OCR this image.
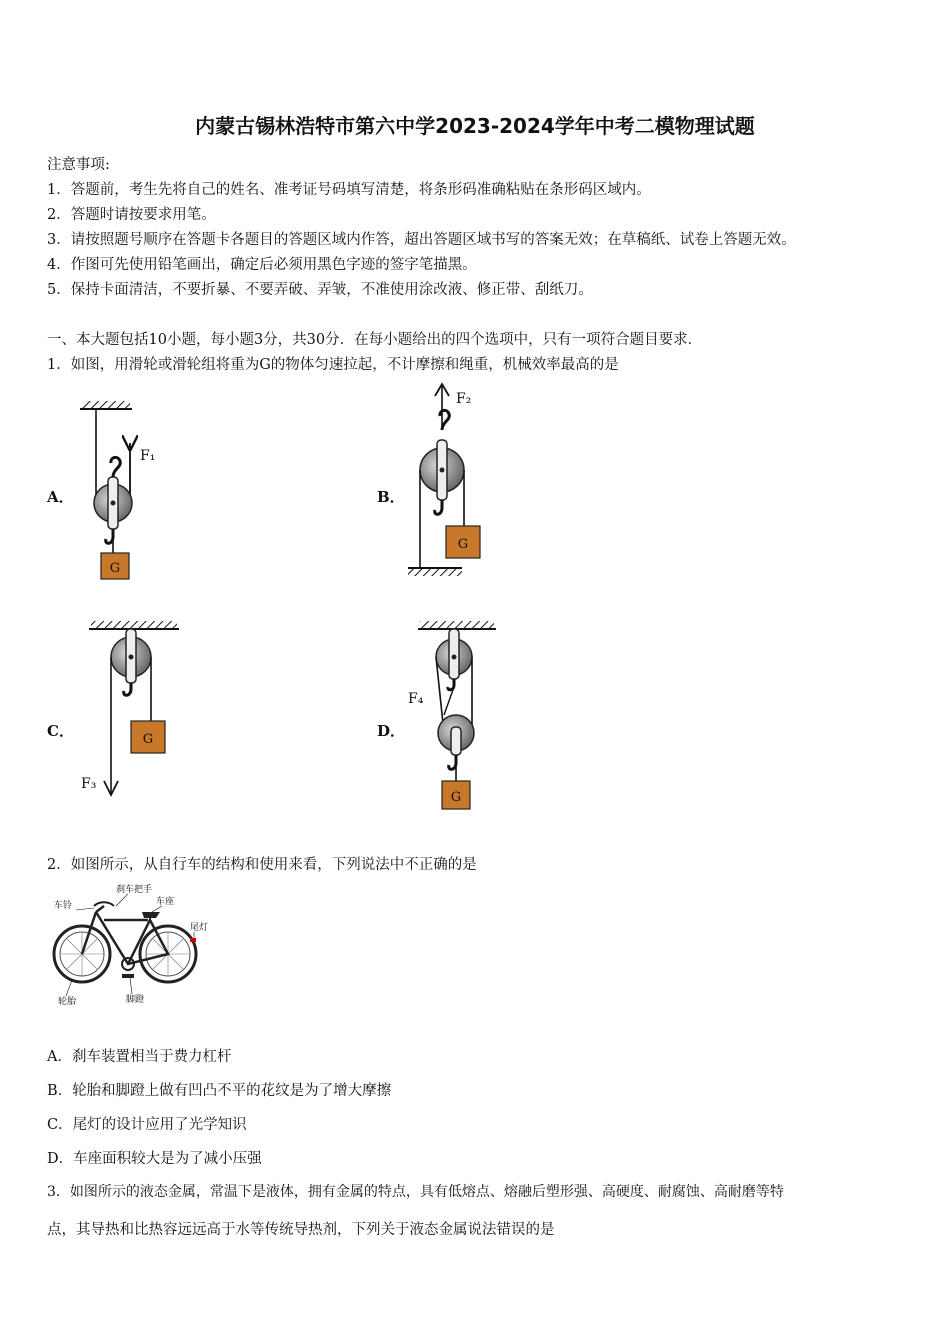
内蒙古锡林浩特市第六中学2023-2024学年中考二模物理试题
注意事项:
1．答题前，考生先将自己的姓名、准考证号码填写清楚，将条形码准确粘贴在条形码区域内。
2．答题时请按要求用笔。
3．请按照题号顺序在答题卡各题目的答题区域内作答，超出答题区域书写的答案无效；在草稿纸、试卷上答题无效。
4．作图可先使用铅笔画出，确定后必须用黑色字迹的签字笔描黑。
5．保持卡面清洁，不要折暴、不要弄破、弄皱，不准使用涂改液、修正带、刮纸刀。
一、本大题包括10小题，每小题3分，共30分．在每小题给出的四个选项中，只有一项符合题目要求．
1．如图，用滑轮或滑轮组将重为G的物体匀速拉起，不计摩擦和绳重，机械效率最高的是
A．	B．
C．	D．
G
F₁
F₂
G
G
F₃
G
F₄
2．如图所示，从自行车的结构和使用来看，下列说法中不正确的是
刹车把手
车铃	车座
尾灯
轮胎	脚蹬
A．刹车装置相当于费力杠杆
B．轮胎和脚蹬上做有凹凸不平的花纹是为了增大摩擦
C．尾灯的设计应用了光学知识
D．车座面积较大是为了减小压强
3．如图所示的液态金属，常温下是液体，拥有金属的特点，具有低熔点、熔融后塑形强、高硬度、耐腐蚀、高耐磨等特
点，其导热和比热容远远高于水等传统导热剂，下列关于液态金属说法错误的是
